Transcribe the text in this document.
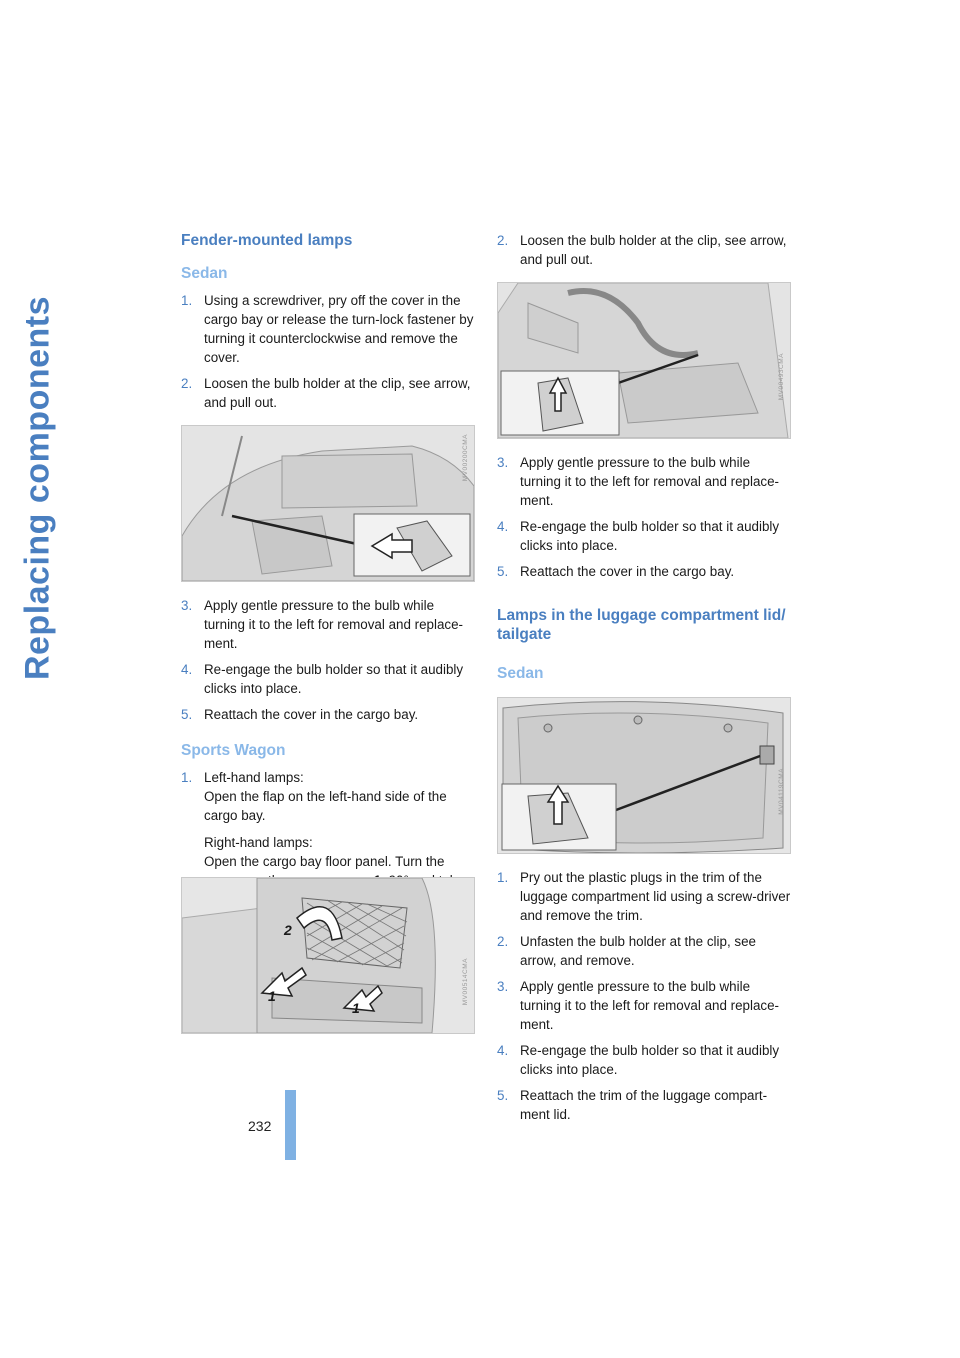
Replacing components
Fender-mounted lamps
Sedan
1. Using a screwdriver, pry off the cover in the cargo bay or release the turn-lock fastener by turning it counterclockwise and remove the cover.

2. Loosen the bulb holder at the clip, see arrow, and pull out.

MV00200CMA
3. Apply gentle pressure to the bulb while turning it to the left for removal and replace-ment.

4. Re-engage the bulb holder so that it audibly clicks into place.

5. Reattach the cover in the cargo bay.

Sports Wagon
1. Left-hand lamps:
Open the flap on the left-hand side of the cargo bay.

Right-hand lamps:
Open the cargo bay floor panel. Turn the

2
1
1
MV00514CMA
2. Loosen the bulb holder at the clip, see arrow, and pull out.

MV00493CMA
3. Apply gentle pressure to the bulb while turning it to the left for removal and replace-ment.

4. Re-engage the bulb holder so that it audibly clicks into place.

5. Reattach the cover in the cargo bay.

Lamps in the luggage compartment lid/ tailgate
Sedan
MV04119CMA
1. Pry out the plastic plugs in the trim of the luggage compartment lid using a screw-driver and remove the trim.

2. Unfasten the bulb holder at the clip, see arrow, and remove.

3. Apply gentle pressure to the bulb while turning it to the left for removal and replace-ment.

4. Re-engage the bulb holder so that it audibly clicks into place.

5. Reattach the trim of the luggage compart-ment lid.

232
